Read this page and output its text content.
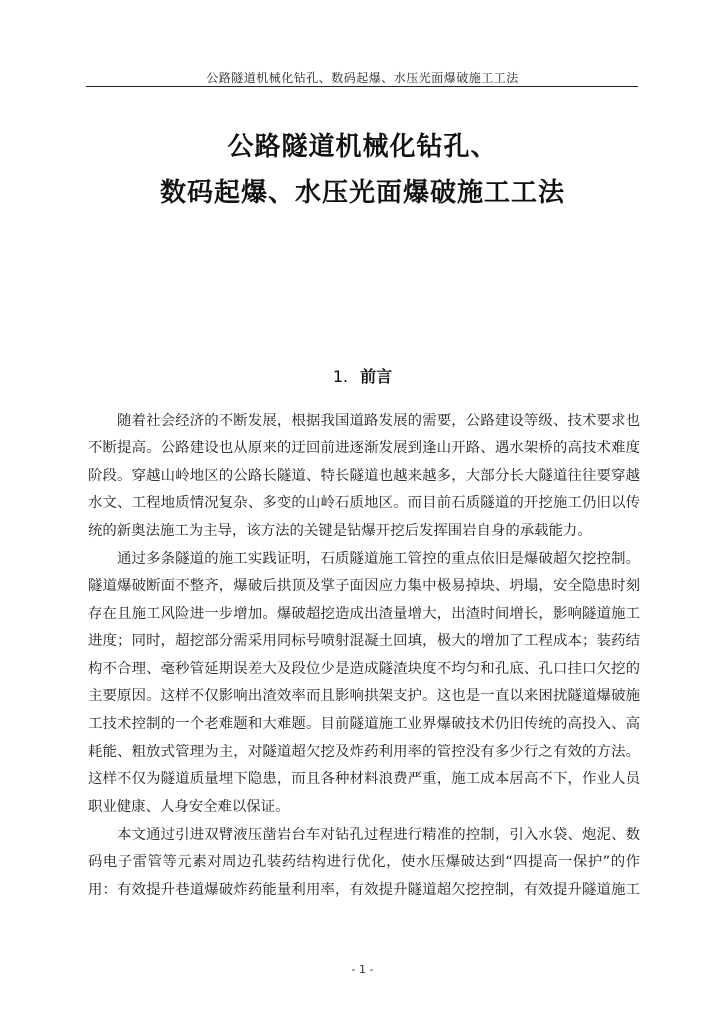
公路隧道机械化钻孔、数码起爆、水压光面爆破施工工法
公路隧道机械化钻孔、
数码起爆、水压光面爆破施工工法
1. 前言
随着社会经济的不断发展，根据我国道路发展的需要，公路建设等级、技术要求也
不断提高。公路建设也从原来的迂回前进逐渐发展到逢山开路、遇水架桥的高技术难度
阶段。穿越山岭地区的公路长隧道、特长隧道也越来越多，大部分长大隧道往往要穿越
水文、工程地质情况复杂、多变的山岭石质地区。而目前石质隧道的开挖施工仍旧以传
统的新奥法施工为主导，该方法的关键是钻爆开挖后发挥围岩自身的承载能力。
通过多条隧道的施工实践证明，石质隧道施工管控的重点依旧是爆破超欠挖控制。
隧道爆破断面不整齐，爆破后拱顶及掌子面因应力集中极易掉块、坍塌，安全隐患时刻
存在且施工风险进一步增加。爆破超挖造成出渣量增大，出渣时间增长，影响隧道施工
进度；同时，超挖部分需采用同标号喷射混凝土回填，极大的增加了工程成本；装药结
构不合理、毫秒管延期误差大及段位少是造成隧渣块度不均匀和孔底、孔口挂口欠挖的
主要原因。这样不仅影响出渣效率而且影响拱架支护。这也是一直以来困扰隧道爆破施
工技术控制的一个老难题和大难题。目前隧道施工业界爆破技术仍旧传统的高投入、高
耗能、粗放式管理为主，对隧道超欠挖及炸药利用率的管控没有多少行之有效的方法。
这样不仅为隧道质量埋下隐患，而且各种材料浪费严重，施工成本居高不下，作业人员
职业健康、人身安全难以保证。
本文通过引进双臂液压凿岩台车对钻孔过程进行精准的控制，引入水袋、炮泥、数
码电子雷管等元素对周边孔装药结构进行优化，使水压爆破达到“四提高一保护”的作
用：有效提升巷道爆破炸药能量利用率，有效提升隧道超欠挖控制，有效提升隧道施工
- 1 -
